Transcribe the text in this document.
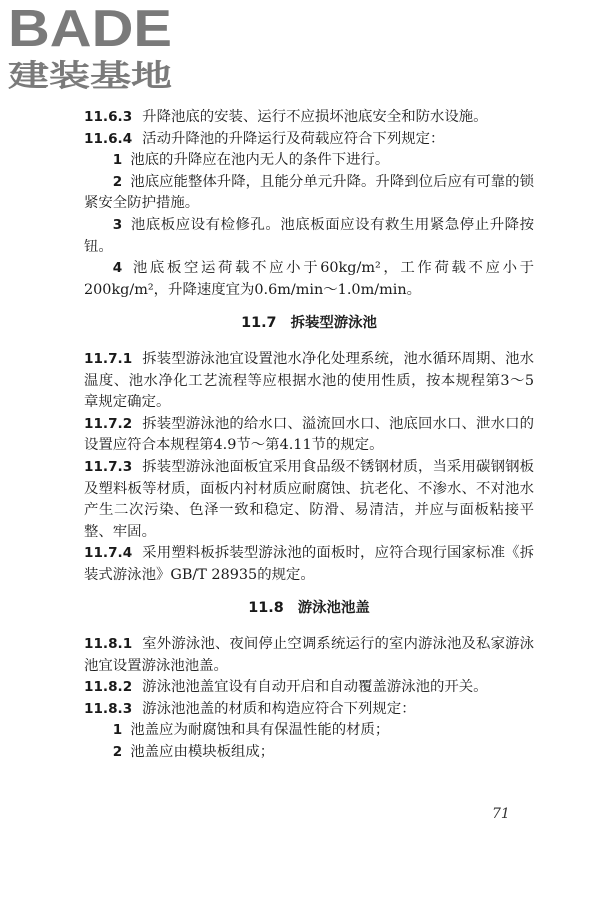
BADE
建装基地

11.6.3 升降池底的安装、运行不应损坏池底安全和防水设施。

11.6.4 活动升降池的升降运行及荷载应符合下列规定：

1 池底的升降应在池内无人的条件下进行。

2 池底应能整体升降，且能分单元升降。升降到位后应有可靠的锁紧安全防护措施。

3 池底板应设有检修孔。池底板面应设有救生用紧急停止升降按钮。

4 池底板空运荷载不应小于60kg/m²，工作荷载不应小于200kg/m²，升降速度宜为0.6m/min～1.0m/min。

11.7 拆装型游泳池

11.7.1 拆装型游泳池宜设置池水净化处理系统，池水循环周期、池水温度、池水净化工艺流程等应根据水池的使用性质，按本规程第3～5章规定确定。

11.7.2 拆装型游泳池的给水口、溢流回水口、池底回水口、泄水口的设置应符合本规程第4.9节～第4.11节的规定。

11.7.3 拆装型游泳池面板宜采用食品级不锈钢材质，当采用碳钢钢板及塑料板等材质，面板内衬材质应耐腐蚀、抗老化、不渗水、不对池水产生二次污染、色泽一致和稳定、防滑、易清洁，并应与面板粘接平整、牢固。

11.7.4 采用塑料板拆装型游泳池的面板时，应符合现行国家标准《拆装式游泳池》GB/T 28935的规定。

11.8 游泳池池盖

11.8.1 室外游泳池、夜间停止空调系统运行的室内游泳池及私家游泳池宜设置游泳池池盖。

11.8.2 游泳池池盖宜设有自动开启和自动覆盖游泳池的开关。

11.8.3 游泳池池盖的材质和构造应符合下列规定：

1 池盖应为耐腐蚀和具有保温性能的材质；

2 池盖应由模块板组成；

71
